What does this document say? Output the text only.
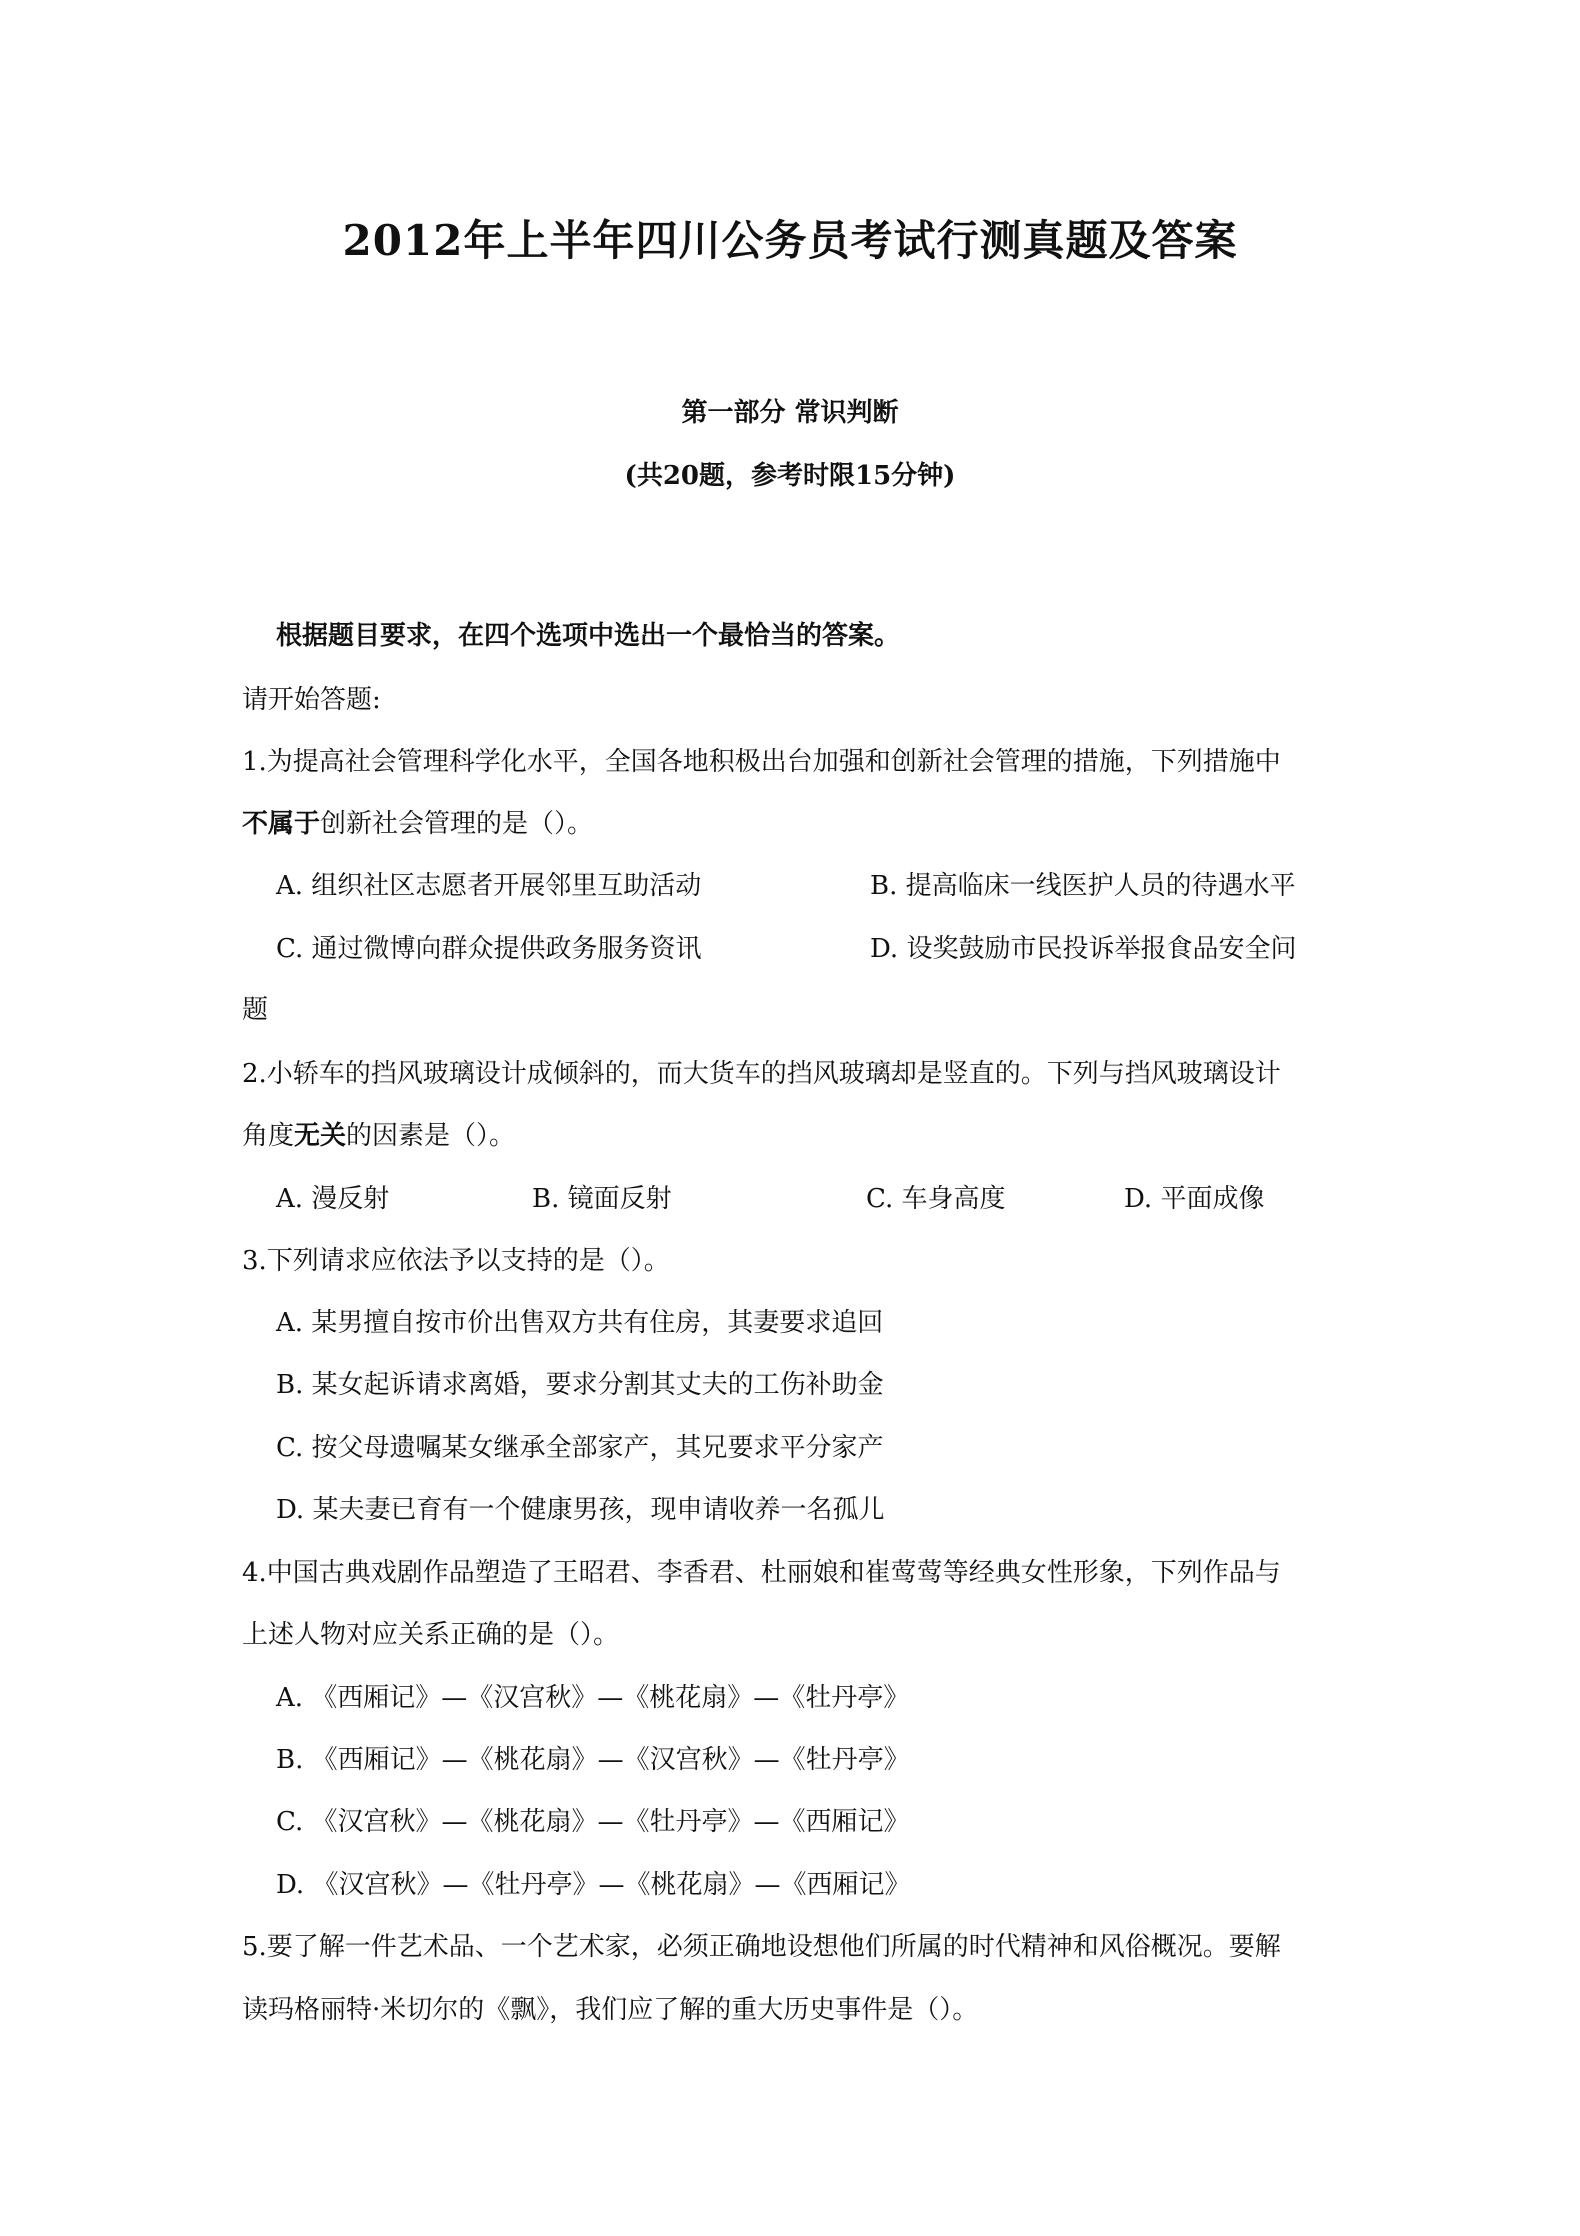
2012年上半年四川公务员考试行测真题及答案
第一部分 常识判断
(共20题，参考时限15分钟)
根据题目要求，在四个选项中选出一个最恰当的答案。
请开始答题:
1.为提高社会管理科学化水平，全国各地积极出台加强和创新社会管理的措施，下列措施中
不属于创新社会管理的是（）。
A. 组织社区志愿者开展邻里互助活动	B. 提高临床一线医护人员的待遇水平
C. 通过微博向群众提供政务服务资讯	D. 设奖鼓励市民投诉举报食品安全问
题
2.小轿车的挡风玻璃设计成倾斜的，而大货车的挡风玻璃却是竖直的。下列与挡风玻璃设计
角度无关的因素是（）。
A. 漫反射	B. 镜面反射	C. 车身高度	D. 平面成像
3.下列请求应依法予以支持的是（）。
A. 某男擅自按市价出售双方共有住房，其妻要求追回
B. 某女起诉请求离婚，要求分割其丈夫的工伤补助金
C. 按父母遗嘱某女继承全部家产，其兄要求平分家产
D. 某夫妻已育有一个健康男孩，现申请收养一名孤儿
4.中国古典戏剧作品塑造了王昭君、李香君、杜丽娘和崔莺莺等经典女性形象，下列作品与
上述人物对应关系正确的是（）。
A. 《西厢记》—《汉宫秋》—《桃花扇》—《牡丹亭》
B. 《西厢记》—《桃花扇》—《汉宫秋》—《牡丹亭》
C. 《汉宫秋》—《桃花扇》—《牡丹亭》—《西厢记》
D. 《汉宫秋》—《牡丹亭》—《桃花扇》—《西厢记》
5.要了解一件艺术品、一个艺术家，必须正确地设想他们所属的时代精神和风俗概况。要解
读玛格丽特·米切尔的《飘》，我们应了解的重大历史事件是（）。
